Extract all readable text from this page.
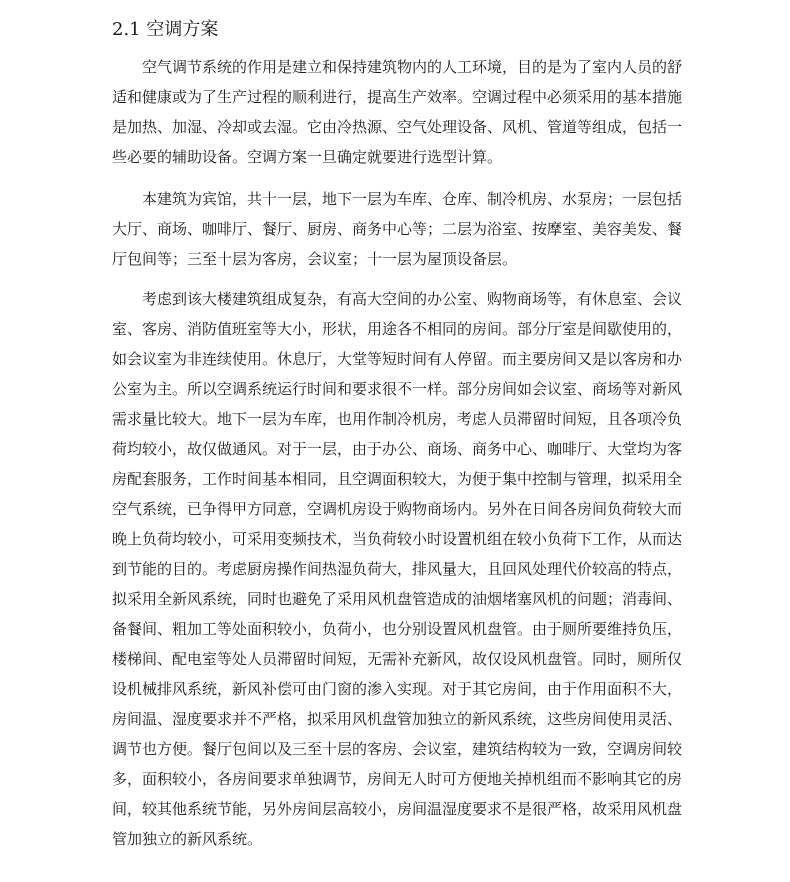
2.1 空调方案

空气调节系统的作用是建立和保持建筑物内的人工环境，目的是为了室内人员的舒适和健康或为了生产过程的顺利进行，提高生产效率。空调过程中必须采用的基本措施是加热、加湿、冷却或去湿。它由冷热源、空气处理设备、风机、管道等组成，包括一些必要的辅助设备。空调方案一旦确定就要进行选型计算。

本建筑为宾馆，共十一层，地下一层为车库、仓库、制冷机房、水泵房；一层包括大厅、商场、咖啡厅、餐厅、厨房、商务中心等；二层为浴室、按摩室、美容美发、餐厅包间等；三至十层为客房，会议室；十一层为屋顶设备层。

考虑到该大楼建筑组成复杂，有高大空间的办公室、购物商场等，有休息室、会议室、客房、消防值班室等大小，形状，用途各不相同的房间。部分厅室是间歇使用的，如会议室为非连续使用。休息厅，大堂等短时间有人停留。而主要房间又是以客房和办公室为主。所以空调系统运行时间和要求很不一样。部分房间如会议室、商场等对新风需求量比较大。地下一层为车库，也用作制冷机房，考虑人员滞留时间短，且各项冷负荷均较小，故仅做通风。对于一层，由于办公、商场、商务中心、咖啡厅、大堂均为客房配套服务，工作时间基本相同，且空调面积较大，为便于集中控制与管理，拟采用全空气系统，已争得甲方同意，空调机房设于购物商场内。另外在日间各房间负荷较大而晚上负荷均较小，可采用变频技术，当负荷较小时设置机组在较小负荷下工作，从而达到节能的目的。考虑厨房操作间热湿负荷大，排风量大，且回风处理代价较高的特点，拟采用全新风系统，同时也避免了采用风机盘管造成的油烟堵塞风机的问题；消毒间、备餐间、粗加工等处面积较小，负荷小，也分别设置风机盘管。由于厕所要维持负压，楼梯间、配电室等处人员滞留时间短，无需补充新风，故仅设风机盘管。同时，厕所仅设机械排风系统，新风补偿可由门窗的渗入实现。对于其它房间，由于作用面积不大，房间温、湿度要求并不严格，拟采用风机盘管加独立的新风系统，这些房间使用灵活、调节也方便。餐厅包间以及三至十层的客房、会议室，建筑结构较为一致，空调房间较多，面积较小，各房间要求单独调节，房间无人时可方便地关掉机组而不影响其它的房间，较其他系统节能，另外房间层高较小，房间温湿度要求不是很严格，故采用风机盘管加独立的新风系统。
